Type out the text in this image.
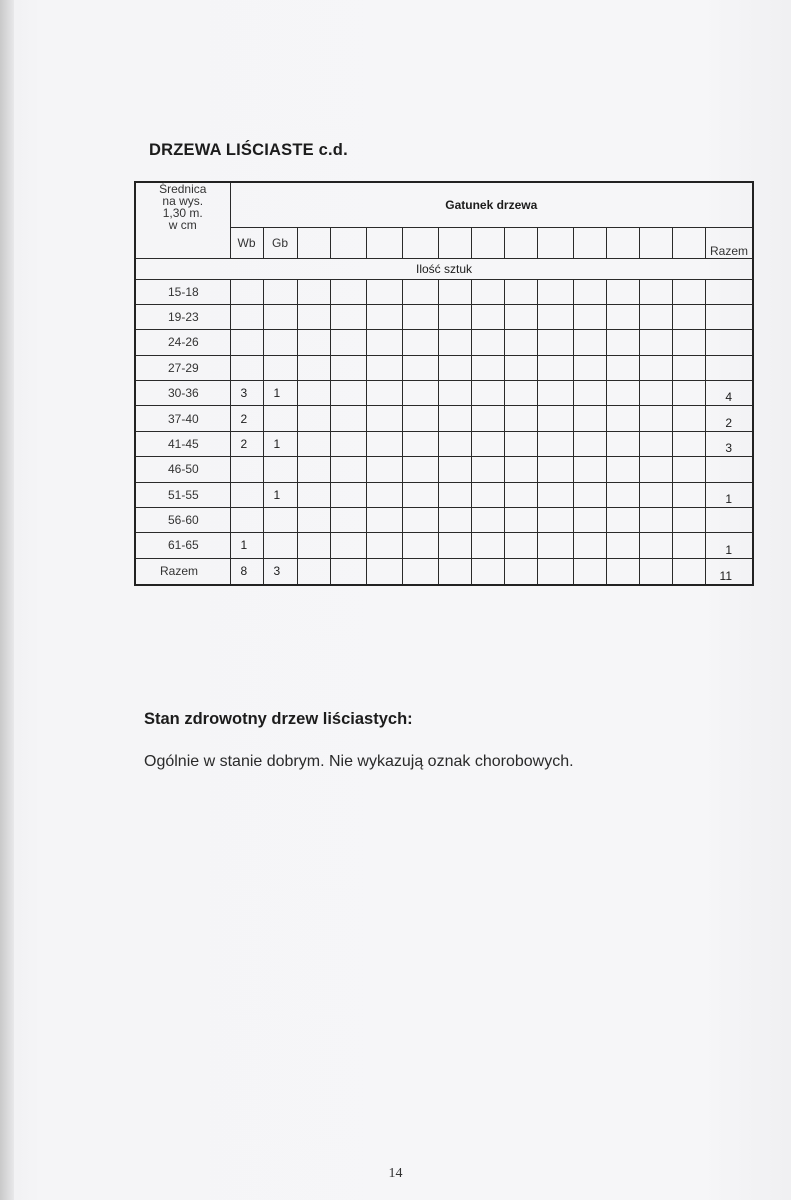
DRZEWA LIŚCIASTE c.d.
Średnica
na wys.
1,30 m.
w cm	Gatunek drzewa														
	Wb	Gb													Razem
Ilość sztuk															
15-18															
19-23															
24-26															
27-29															
30-36	3	1													4
37-40	2														2
41-45	2	1													3
46-50															
51-55		1													1
56-60															
61-65	1														1
Razem	8	3													11
Stan zdrowotny drzew liściastych:

Ogólnie w stanie dobrym. Nie wykazują oznak chorobowych.

14
